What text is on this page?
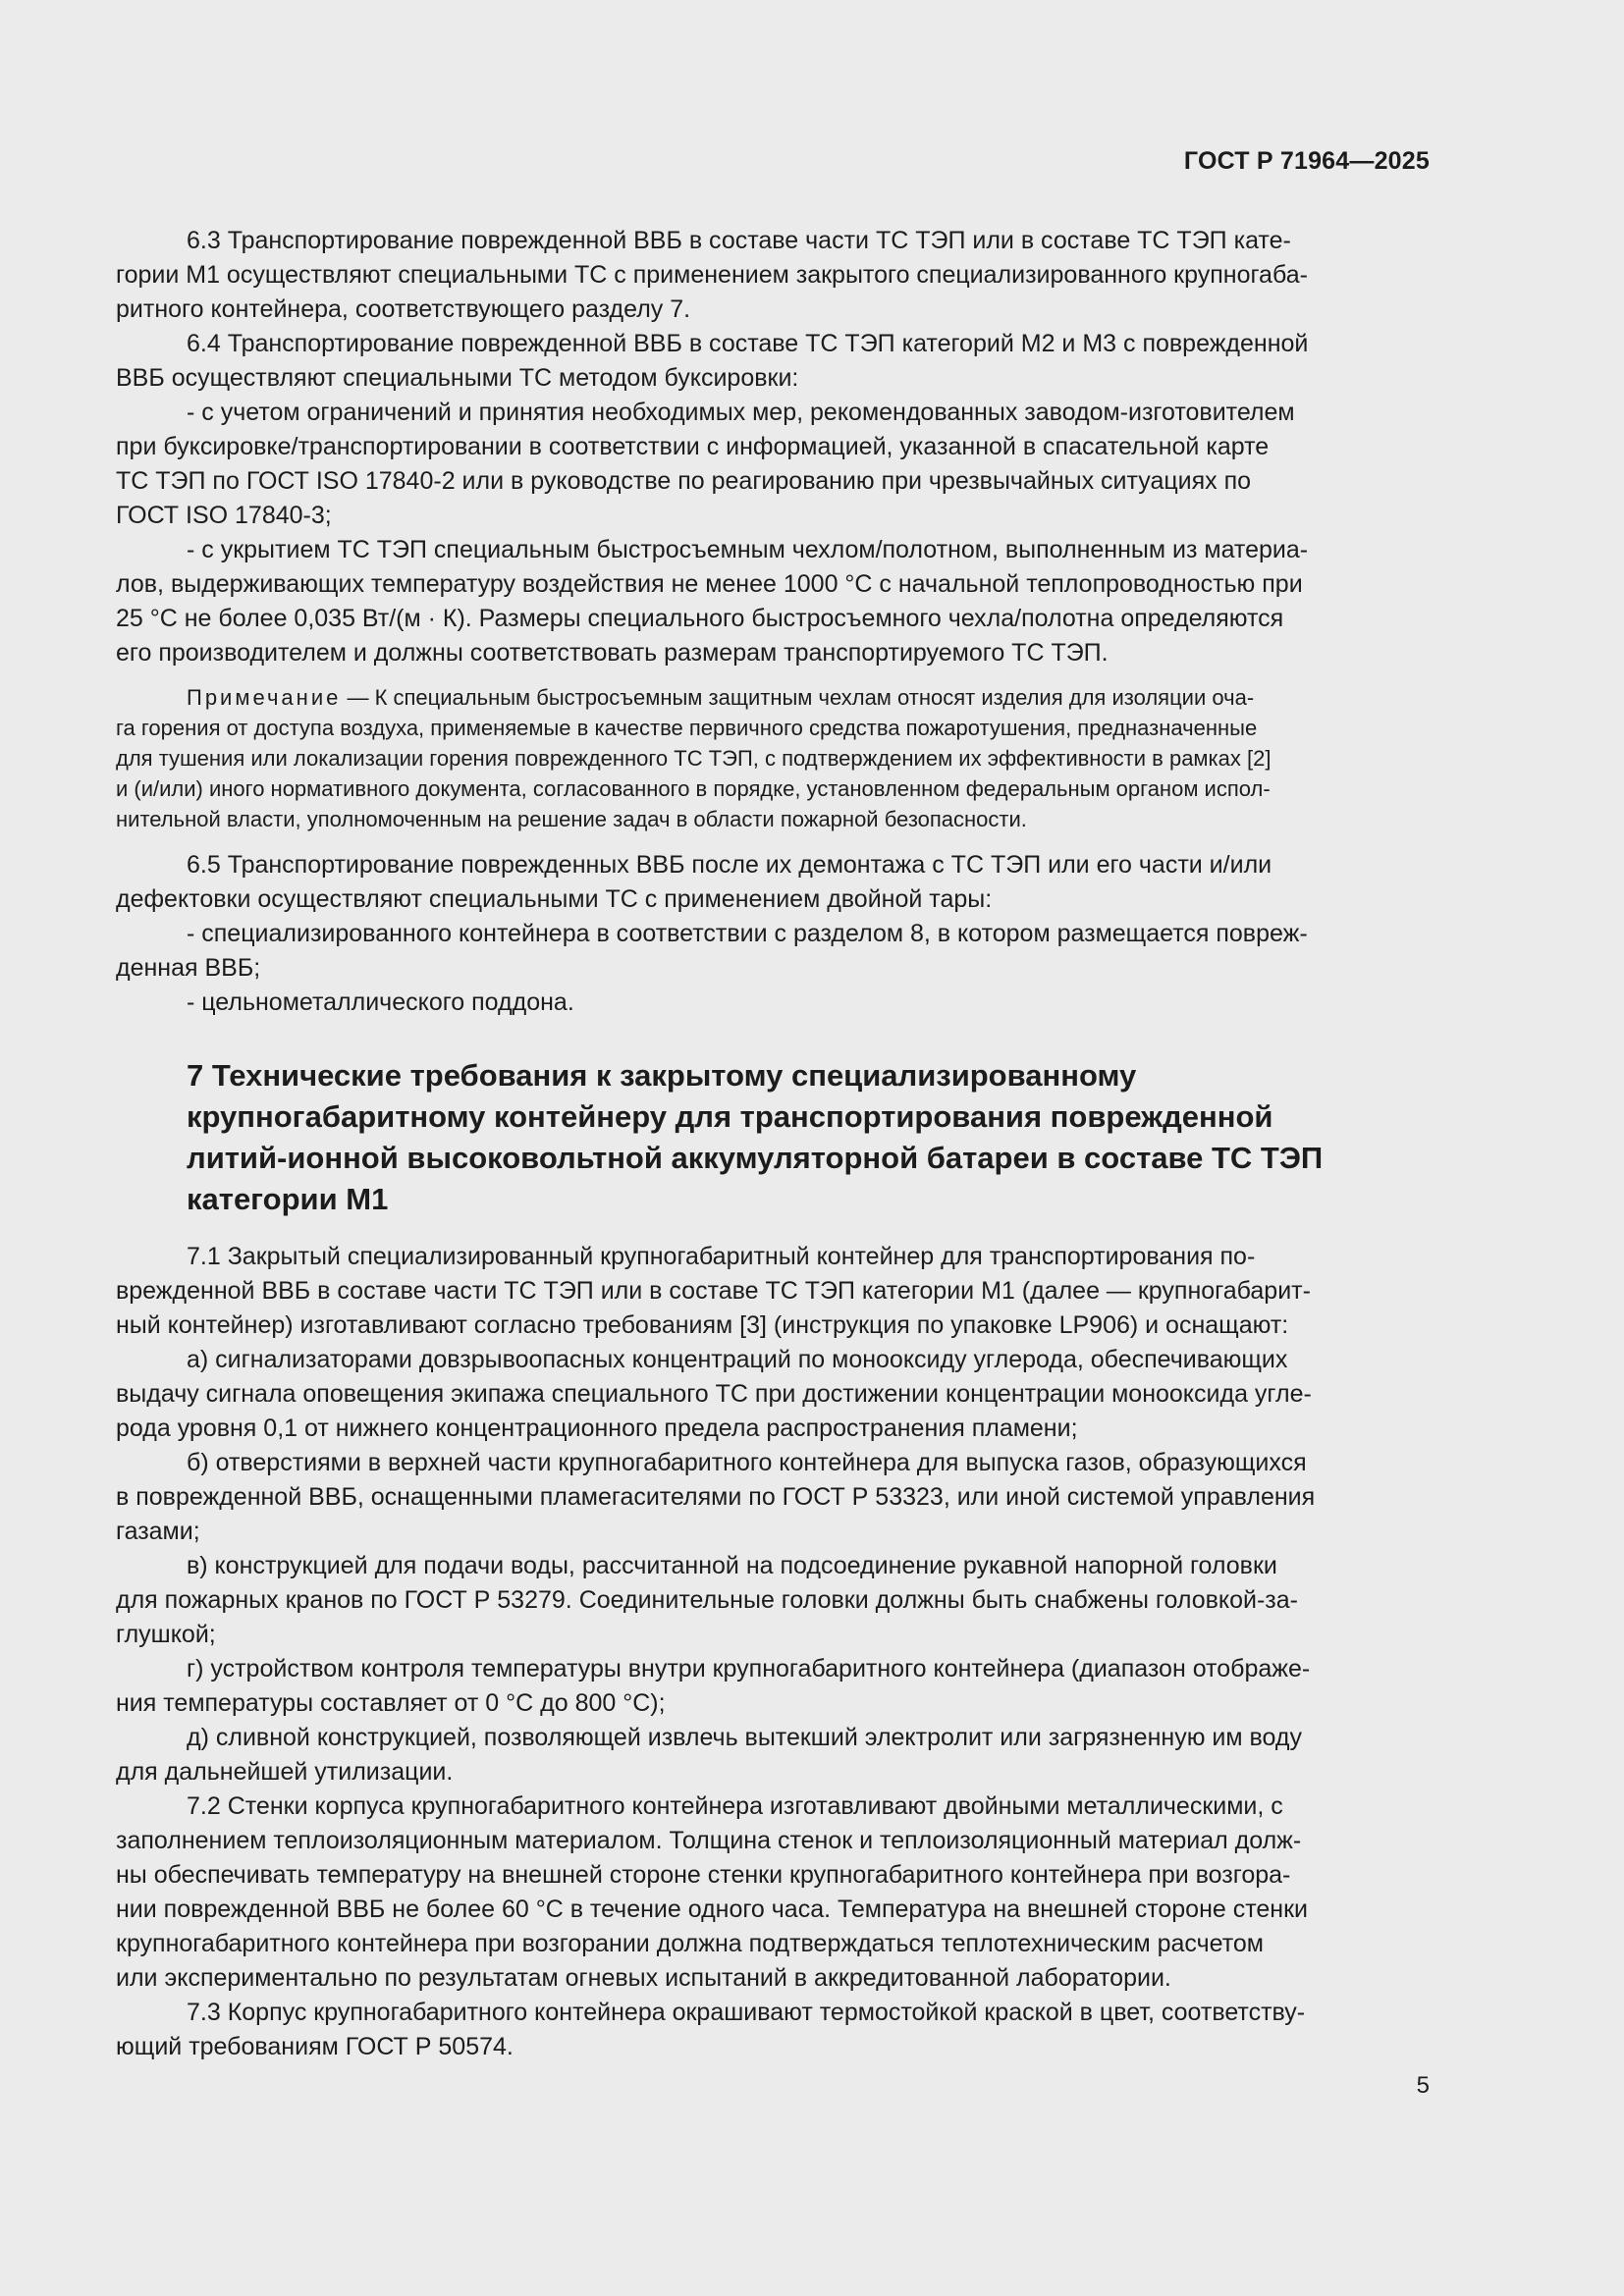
ГОСТ Р 71964—2025

6.3 Транспортирование поврежденной ВВБ в составе части ТС ТЭП или в составе ТС ТЭП кате-
гории М1 осуществляют специальными ТС с применением закрытого специализированного крупногаба-
ритного контейнера, соответствующего разделу 7.

6.4 Транспортирование поврежденной ВВБ в составе ТС ТЭП категорий М2 и М3 с поврежденной
ВВБ осуществляют специальными ТС методом буксировки:

- с учетом ограничений и принятия необходимых мер, рекомендованных заводом-изготовителем
при буксировке/транспортировании в соответствии с информацией, указанной в спасательной карте
ТС ТЭП по ГОСТ ISO 17840-2 или в руководстве по реагированию при чрезвычайных ситуациях по
ГОСТ ISO 17840-3;

- с укрытием ТС ТЭП специальным быстросъемным чехлом/полотном, выполненным из материа-
лов, выдерживающих температуру воздействия не менее 1000 °С с начальной теплопроводностью при
25 °С не более 0,035 Вт/(м · К). Размеры специального быстросъемного чехла/полотна определяются
его производителем и должны соответствовать размерам транспортируемого ТС ТЭП.

Примечание — К специальным быстросъемным защитным чехлам относят изделия для изоляции оча-
га горения от доступа воздуха, применяемые в качестве первичного средства пожаротушения, предназначенные
для тушения или локализации горения поврежденного ТС ТЭП, с подтверждением их эффективности в рамках [2]
и (и/или) иного нормативного документа, согласованного в порядке, установленном федеральным органом испол-
нительной власти, уполномоченным на решение задач в области пожарной безопасности.

6.5 Транспортирование поврежденных ВВБ после их демонтажа с ТС ТЭП или его части и/или
дефектовки осуществляют специальными ТС с применением двойной тары:

- специализированного контейнера в соответствии с разделом 8, в котором размещается повреж-
денная ВВБ;

- цельнометаллического поддона.

7 Технические требования к закрытому специализированному
крупногабаритному контейнеру для транспортирования поврежденной
литий-ионной высоковольтной аккумуляторной батареи в составе ТС ТЭП
категории М1

7.1 Закрытый специализированный крупногабаритный контейнер для транспортирования по-
врежденной ВВБ в составе части ТС ТЭП или в составе ТС ТЭП категории М1 (далее — крупногабарит-
ный контейнер) изготавливают согласно требованиям [3] (инструкция по упаковке LP906) и оснащают:

а) сигнализаторами довзрывоопасных концентраций по монооксиду углерода, обеспечивающих
выдачу сигнала оповещения экипажа специального ТС при достижении концентрации монооксида угле-
рода уровня 0,1 от нижнего концентрационного предела распространения пламени;

б) отверстиями в верхней части крупногабаритного контейнера для выпуска газов, образующихся
в поврежденной ВВБ, оснащенными пламегасителями по ГОСТ Р 53323, или иной системой управления
газами;

в) конструкцией для подачи воды, рассчитанной на подсоединение рукавной напорной головки
для пожарных кранов по ГОСТ Р 53279. Соединительные головки должны быть снабжены головкой-за-
глушкой;

г) устройством контроля температуры внутри крупногабаритного контейнера (диапазон отображе-
ния температуры составляет от 0 °С до 800 °С);

д) сливной конструкцией, позволяющей извлечь вытекший электролит или загрязненную им воду
для дальнейшей утилизации.

7.2 Стенки корпуса крупногабаритного контейнера изготавливают двойными металлическими, с
заполнением теплоизоляционным материалом. Толщина стенок и теплоизоляционный материал долж-
ны обеспечивать температуру на внешней стороне стенки крупногабаритного контейнера при возгора-
нии поврежденной ВВБ не более 60 °С в течение одного часа. Температура на внешней стороне стенки
крупногабаритного контейнера при возгорании должна подтверждаться теплотехническим расчетом
или экспериментально по результатам огневых испытаний в аккредитованной лаборатории.

7.3 Корпус крупногабаритного контейнера окрашивают термостойкой краской в цвет, соответству-
ющий требованиям ГОСТ Р 50574.

5
